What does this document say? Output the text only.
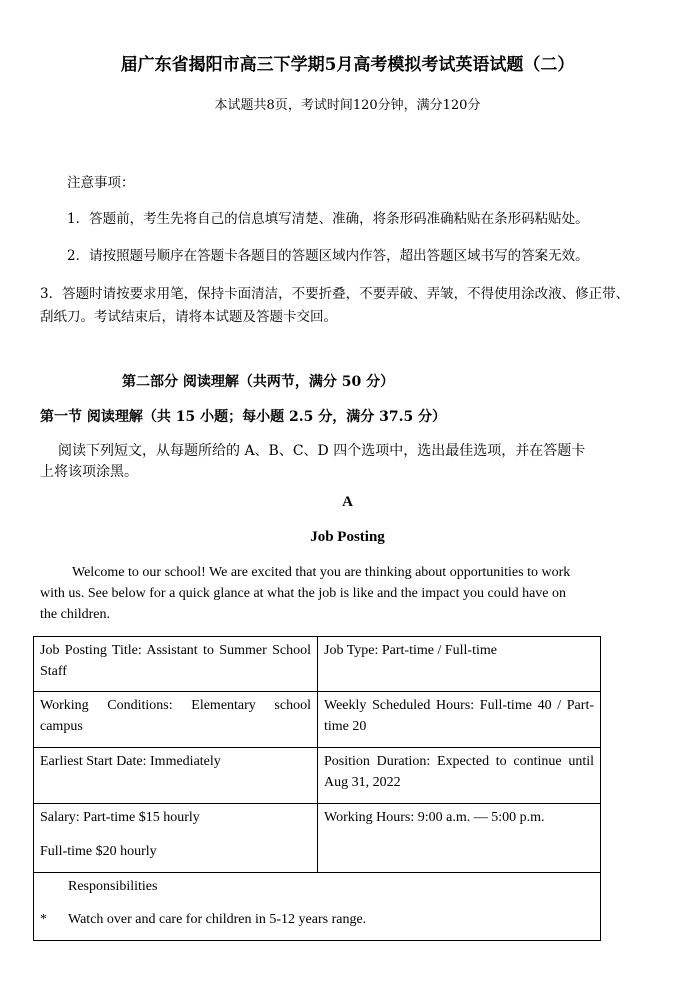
届广东省揭阳市高三下学期5月高考模拟考试英语试题（二）
本试题共8页，考试时间120分钟，满分120分
注意事项：
1．答题前，考生先将自己的信息填写清楚、准确，将条形码准确粘贴在条形码粘贴处。
2．请按照题号顺序在答题卡各题目的答题区域内作答，超出答题区域书写的答案无效。
3．答题时请按要求用笔，保持卡面清洁，不要折叠，不要弄破、弄皱，不得使用涂改液、修正带、
刮纸刀。考试结束后，请将本试题及答题卡交回。
第二部分 阅读理解（共两节，满分 50 分）
第一节 阅读理解（共 15 小题；每小题 2.5 分，满分 37.5 分）
阅读下列短文，从每题所给的 A、B、C、D 四个选项中，选出最佳选项，并在答题卡
上将该项涂黑。
A
Job Posting
Welcome to our school! We are excited that you are thinking about opportunities to work
with us. See below for a quick glance at what the job is like and the impact you could have on
the children.
Job Posting Title: Assistant to Summer School Staff	Job Type: Part-time / Full-time
Working Conditions: Elementary school campus	Weekly Scheduled Hours: Full-time 40 / Part-time 20
Earliest Start Date: Immediately	Position Duration: Expected to continue until Aug 31, 2022

Salary: Part-time $15 hourly
Full-time $20 hourly	Working Hours: 9:00 a.m. — 5:00 p.m.

Responsibilities
* Watch over and care for children in 5-12 years range.	
